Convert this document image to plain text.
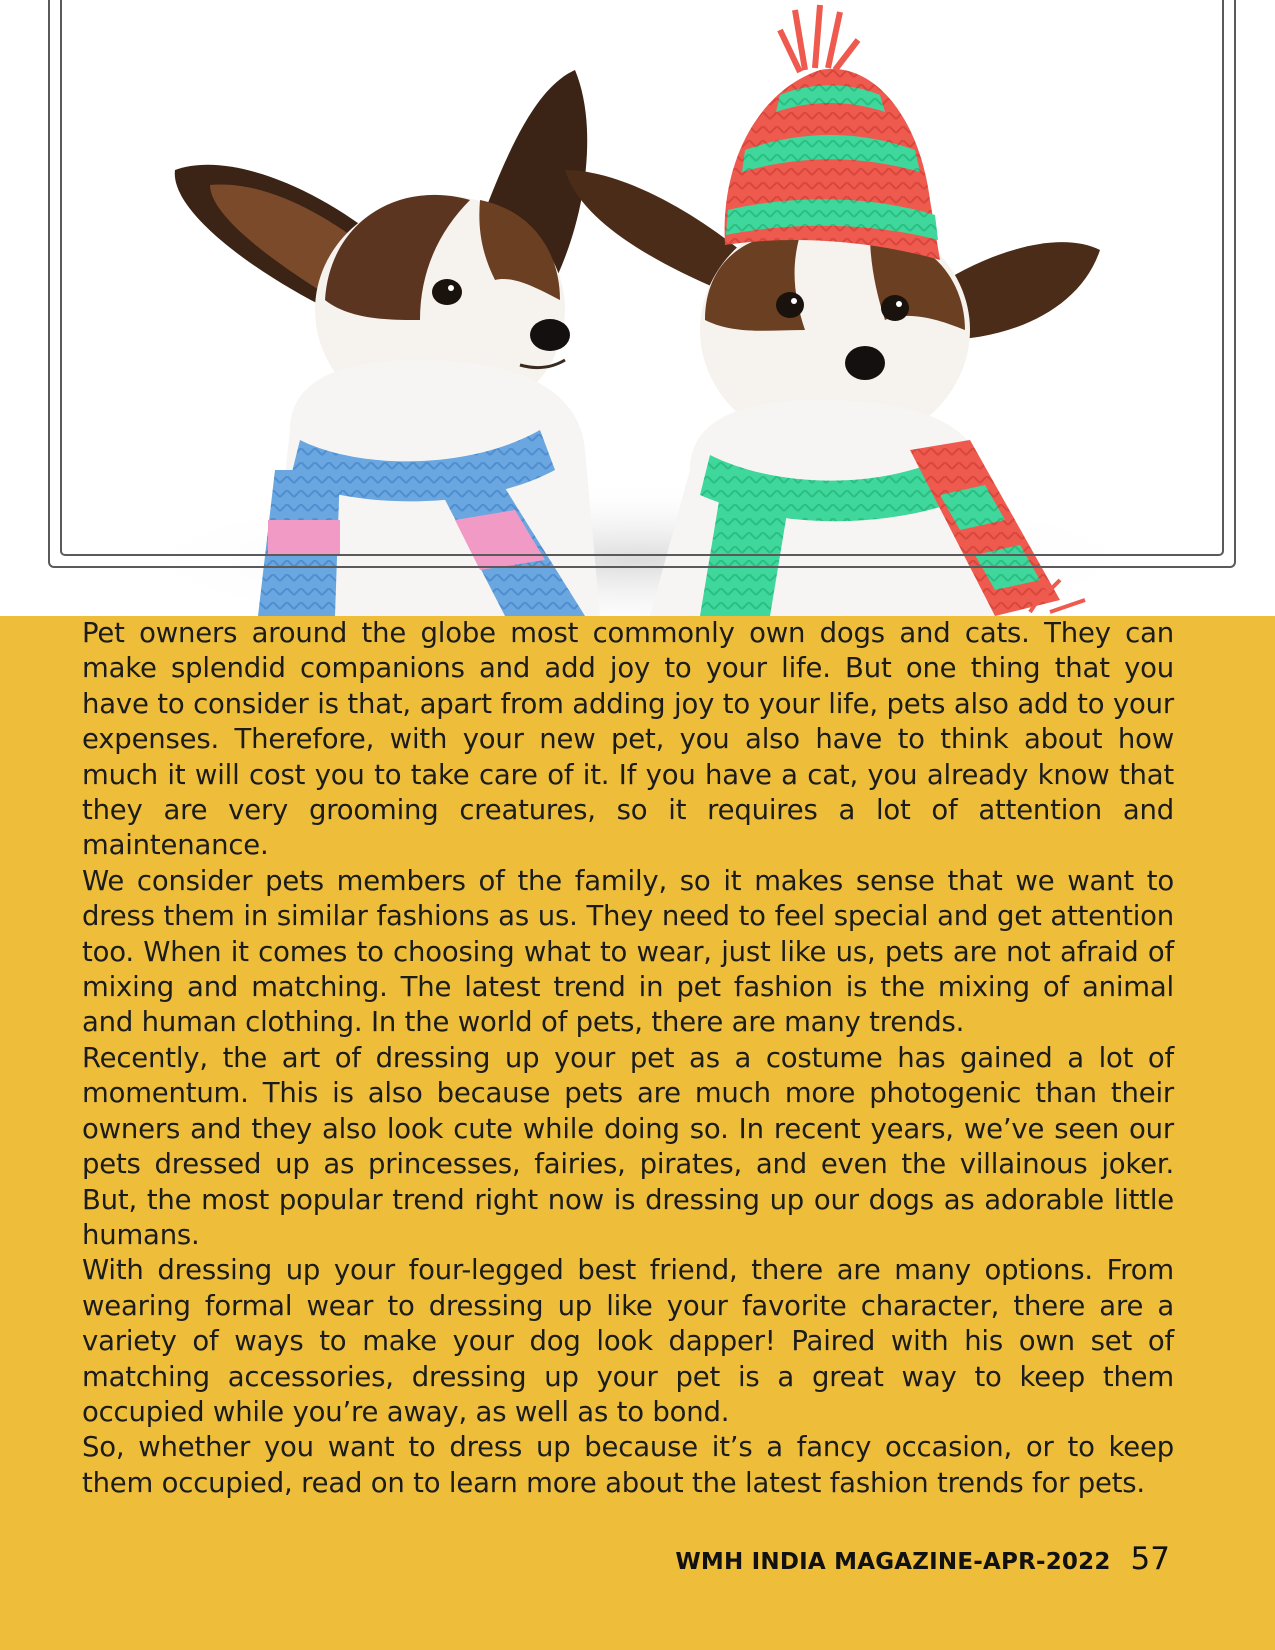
Pet owners around the globe most commonly own dogs and cats. They can make splendid companions and add joy to your life. But one thing that you have to consider is that, apart from adding joy to your life, pets also add to your expenses. Therefore, with your new pet, you also have to think about how much it will cost you to take care of it. If you have a cat, you already know that they are very grooming creatures, so it requires a lot of attention and maintenance.

We consider pets members of the family, so it makes sense that we want to dress them in similar fashions as us. They need to feel special and get attention too. When it comes to choosing what to wear, just like us, pets are not afraid of mixing and matching. The latest trend in pet fashion is the mixing of animal and human clothing. In the world of pets, there are many trends.

Recently, the art of dressing up your pet as a costume has gained a lot of momentum. This is also because pets are much more photogenic than their owners and they also look cute while doing so. In recent years, we’ve seen our pets dressed up as princesses, fairies, pirates, and even the villainous joker. But, the most popular trend right now is dressing up our dogs as adorable little humans.

With dressing up your four-legged best friend, there are many options. From wearing formal wear to dressing up like your favorite character, there are a variety of ways to make your dog look dapper! Paired with his own set of matching accessories, dressing up your pet is a great way to keep them occupied while you’re away, as well as to bond.

So, whether you want to dress up because it’s a fancy occasion, or to keep them occupied, read on to learn more about the latest fashion trends for pets.

WMH INDIA MAGAZINE-APR-2022 57
